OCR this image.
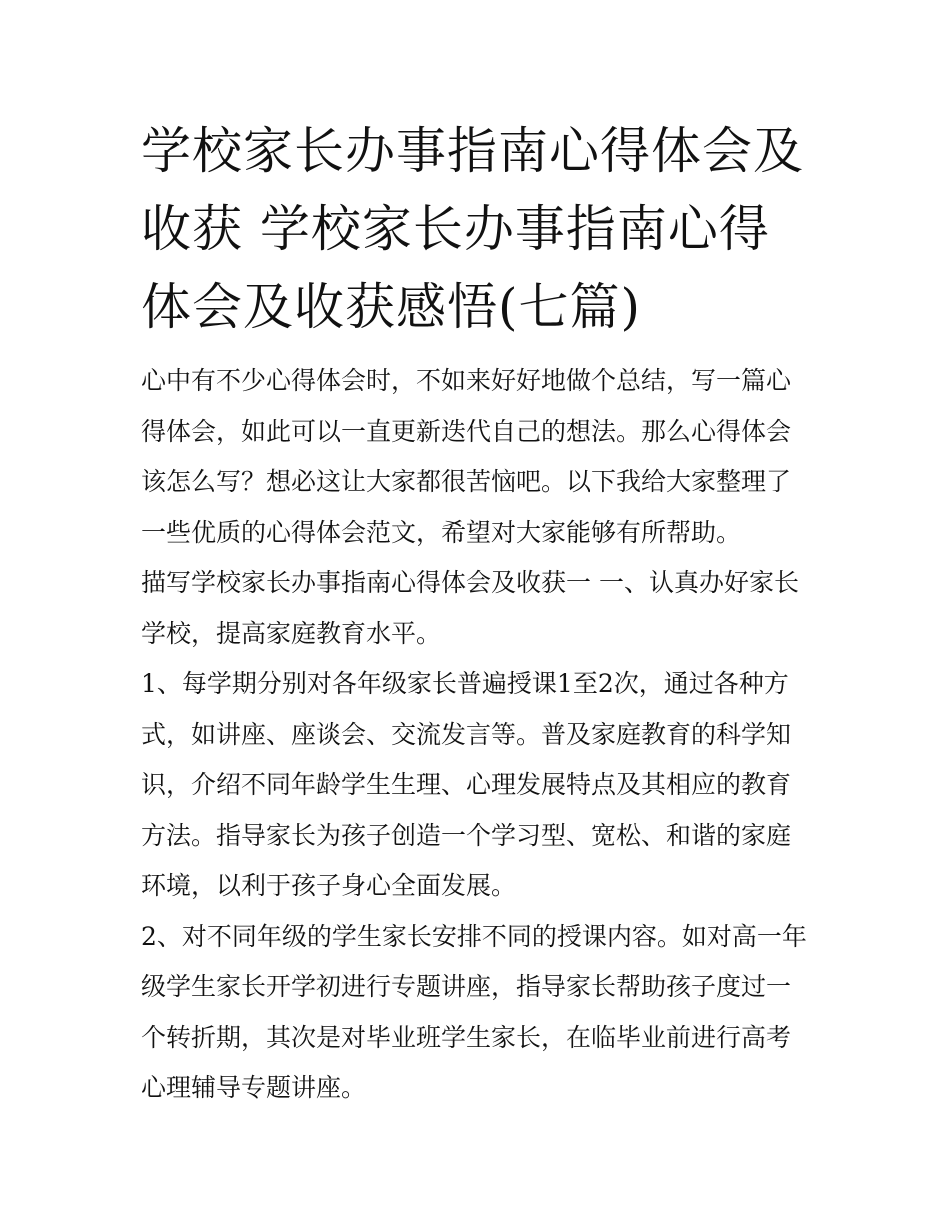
学校家长办事指南心得体会及收获 学校家长办事指南心得体会及收获感悟(七篇)

心中有不少心得体会时，不如来好好地做个总结，写一篇心得体会，如此可以一直更新迭代自己的想法。那么心得体会该怎么写？想必这让大家都很苦恼吧。以下我给大家整理了一些优质的心得体会范文，希望对大家能够有所帮助。

描写学校家长办事指南心得体会及收获一 一、认真办好家长学校，提高家庭教育水平。

1、每学期分别对各年级家长普遍授课1至2次，通过各种方式，如讲座、座谈会、交流发言等。普及家庭教育的科学知识，介绍不同年龄学生生理、心理发展特点及其相应的教育方法。指导家长为孩子创造一个学习型、宽松、和谐的家庭环境，以利于孩子身心全面发展。

2、对不同年级的学生家长安排不同的授课内容。如对高一年级学生家长开学初进行专题讲座，指导家长帮助孩子度过一个转折期，其次是对毕业班学生家长，在临毕业前进行高考心理辅导专题讲座。
